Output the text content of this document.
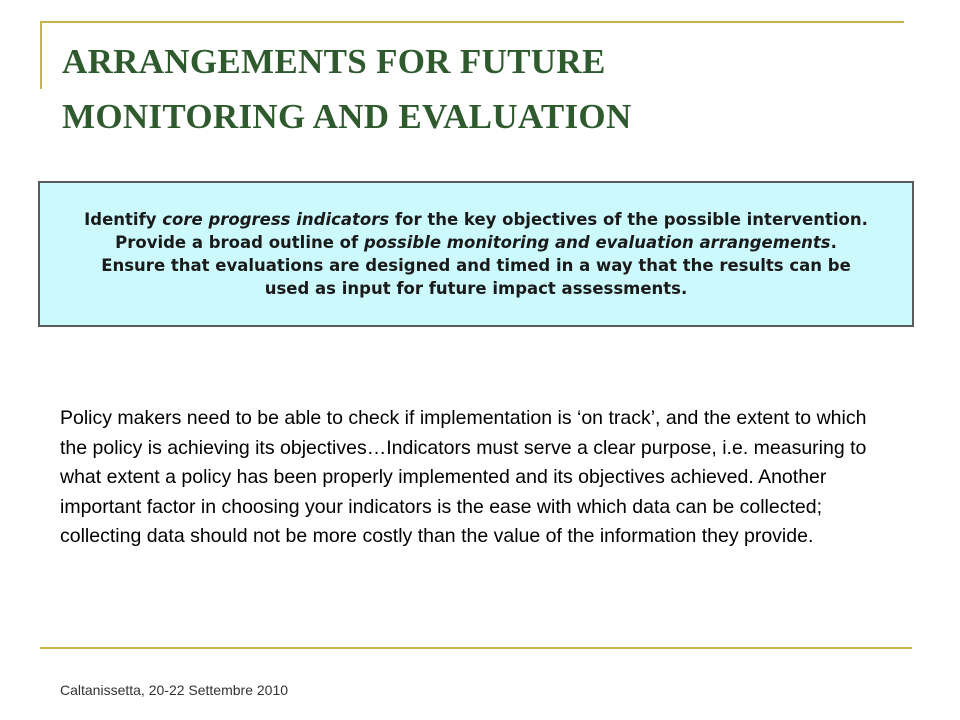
ARRANGEMENTS FOR FUTURE
MONITORING AND EVALUATION
Identify core progress indicators for the key objectives of the possible intervention.
Provide a broad outline of possible monitoring and evaluation arrangements.
Ensure that evaluations are designed and timed in a way that the results can be
used as input for future impact assessments.

Policy makers need to be able to check if implementation is ‘on track’, and the extent to which the policy is achieving its objectives…Indicators must serve a clear purpose, i.e. measuring to what extent a policy has been properly implemented and its objectives achieved. Another important factor in choosing your indicators is the ease with which data can be collected; collecting data should not be more costly than the value of the information they provide.

Caltanissetta, 20-22 Settembre 2010
